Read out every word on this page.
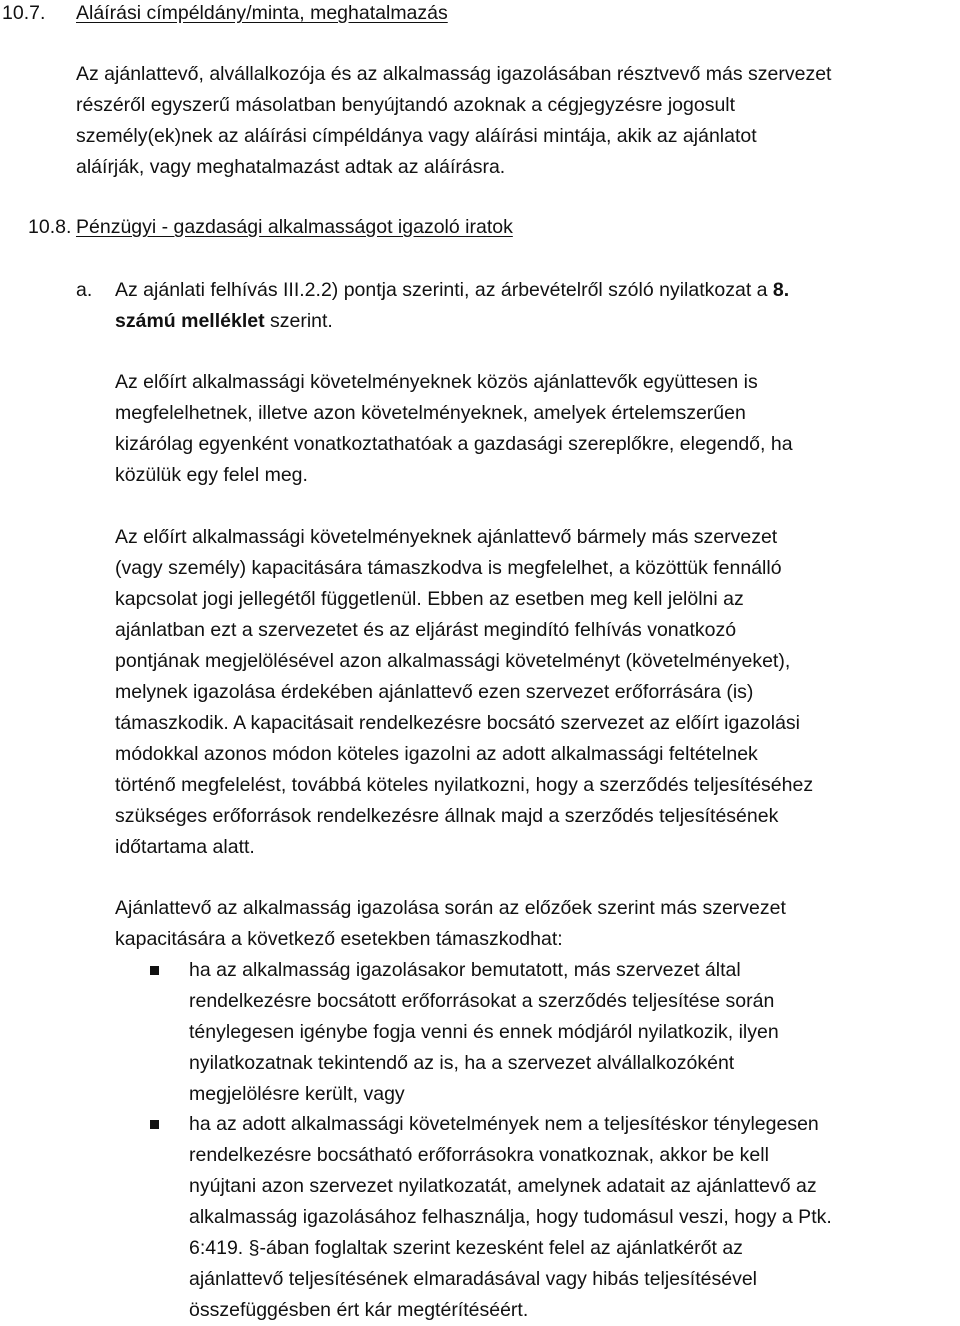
10.7. Aláírási címpéldány/minta, meghatalmazás

Az ajánlattevő, alvállalkozója és az alkalmasság igazolásában résztvevő más szervezet

részéről egyszerű másolatban benyújtandó azoknak a cégjegyzésre jogosult

személy(ek)nek az aláírási címpéldánya vagy aláírási mintája, akik az ajánlatot

aláírják, vagy meghatalmazást adtak az aláírásra.

10.8. Pénzügyi - gazdasági alkalmasságot igazoló iratok
a. Az ajánlati felhívás III.2.2) pontja szerinti, az árbevételről szóló nyilatkozat a 8.

számú melléklet szerint.

Az előírt alkalmassági követelményeknek közös ajánlattevők együttesen is

megfelelhetnek, illetve azon követelményeknek, amelyek értelemszerűen

kizárólag egyenként vonatkoztathatóak a gazdasági szereplőkre, elegendő, ha

közülük egy felel meg.

Az előírt alkalmassági követelményeknek ajánlattevő bármely más szervezet

(vagy személy) kapacitására támaszkodva is megfelelhet, a közöttük fennálló

kapcsolat jogi jellegétől függetlenül. Ebben az esetben meg kell jelölni az

ajánlatban ezt a szervezetet és az eljárást megindító felhívás vonatkozó

pontjának megjelölésével azon alkalmassági követelményt (követelményeket),

melynek igazolása érdekében ajánlattevő ezen szervezet erőforrására (is)

támaszkodik. A kapacitásait rendelkezésre bocsátó szervezet az előírt igazolási

módokkal azonos módon köteles igazolni az adott alkalmassági feltételnek

történő megfelelést, továbbá köteles nyilatkozni, hogy a szerződés teljesítéséhez

szükséges erőforrások rendelkezésre állnak majd a szerződés teljesítésének

időtartama alatt.

Ajánlattevő az alkalmasság igazolása során az előzőek szerint más szervezet

kapacitására a következő esetekben támaszkodhat:

ha az alkalmasság igazolásakor bemutatott, más szervezet által

rendelkezésre bocsátott erőforrásokat a szerződés teljesítése során

ténylegesen igénybe fogja venni és ennek módjáról nyilatkozik, ilyen

nyilatkozatnak tekintendő az is, ha a szervezet alvállalkozóként

megjelölésre került, vagy

ha az adott alkalmassági követelmények nem a teljesítéskor ténylegesen

rendelkezésre bocsátható erőforrásokra vonatkoznak, akkor be kell

nyújtani azon szervezet nyilatkozatát, amelynek adatait az ajánlattevő az

alkalmasság igazolásához felhasználja, hogy tudomásul veszi, hogy a Ptk.

6:419. §-ában foglaltak szerint kezesként felel az ajánlatkérőt az

ajánlattevő teljesítésének elmaradásával vagy hibás teljesítésével

összefüggésben ért kár megtérítéséért.
